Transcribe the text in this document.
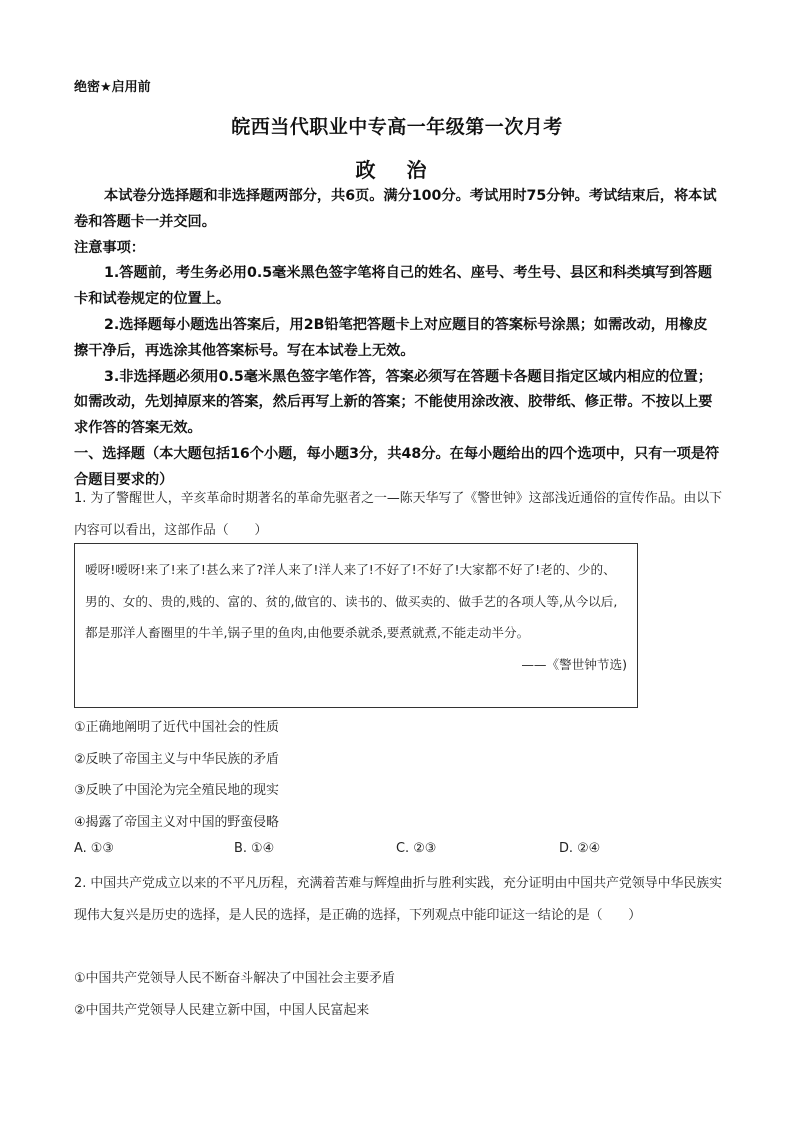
绝密★启用前
皖西当代职业中专高一年级第一次月考
政 治

本试卷分选择题和非选择题两部分，共6页。满分100分。考试用时75分钟。考试结束后，将本试卷和答题卡一并交回。

注意事项：

1.答题前，考生务必用0.5毫米黑色签字笔将自己的姓名、座号、考生号、县区和科类填写到答题卡和试卷规定的位置上。

2.选择题每小题选出答案后，用2B铅笔把答题卡上对应题目的答案标号涂黑；如需改动，用橡皮擦干净后，再选涂其他答案标号。写在本试卷上无效。

3.非选择题必须用0.5毫米黑色签字笔作答，答案必须写在答题卡各题目指定区域内相应的位置；如需改动，先划掉原来的答案，然后再写上新的答案；不能使用涂改液、胶带纸、修正带。不按以上要求作答的答案无效。

一、选择题（本大题包括16个小题，每小题3分，共48分。在每小题给出的四个选项中，只有一项是符合题目要求的）

1. 为了警醒世人，辛亥革命时期著名的革命先驱者之一—陈天华写了《警世钟》这部浅近通俗的宣传作品。由以下内容可以看出，这部作品（　　）

嗳呀!嗳呀!来了!来了!甚么来了?洋人来了!洋人来了!不好了!不好了!大家都不好了!老的、少的、男的、女的、贵的,贱的、富的、贫的,做官的、读书的、做买卖的、做手艺的各项人等,从今以后,都是那洋人畜圈里的牛羊,锅子里的鱼肉,由他要杀就杀,要煮就煮,不能走动半分。
——《警世钟节选)

①正确地阐明了近代中国社会的性质

②反映了帝国主义与中华民族的矛盾

③反映了中国沦为完全殖民地的现实

④揭露了帝国主义对中国的野蛮侵略

A. ①③	B. ①④	C. ②③	D. ②④

2. 中国共产党成立以来的不平凡历程，充满着苦难与辉煌曲折与胜利实践，充分证明由中国共产党领导中华民族实现伟大复兴是历史的选择，是人民的选择，是正确的选择，下列观点中能印证这一结论的是（　　）

①中国共产党领导人民不断奋斗解决了中国社会主要矛盾

②中国共产党领导人民建立新中国，中国人民富起来
